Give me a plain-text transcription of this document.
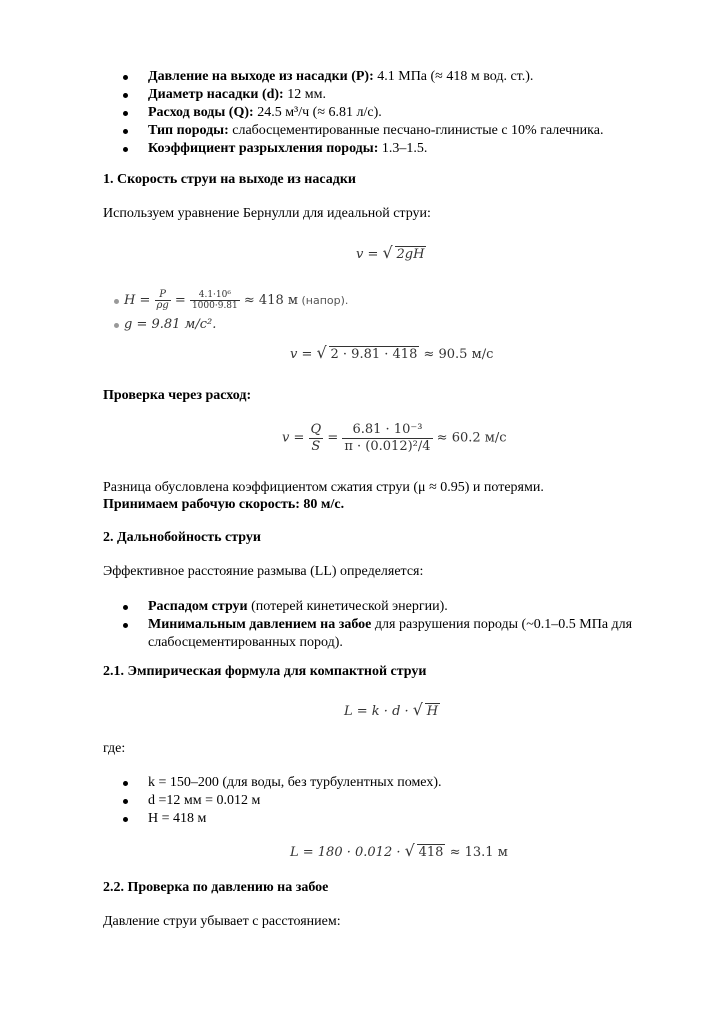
Давление на выходе из насадки (P): 4.1 МПа (≈ 418 м вод. ст.).
Диаметр насадки (d): 12 мм.
Расход воды (Q): 24.5 м³/ч (≈ 6.81 л/с).
Тип породы: слабосцементированные песчано-глинистые с 10% галечника.
Коэффициент разрыхления породы: 1.3–1.5.
1. Скорость струи на выходе из насадки
Используем уравнение Бернулли для идеальной струи:
v = √ 2gH
$H = \frac{P}{\rho g} = \frac{\text{4.1·10⁶}}{1000\cdot 9.81} \approx 418$ м (напор).
g = 9.81 м/с².
v = √ 2 · 9.81 · 418 ≈ 90.5 м/с
Проверка через расход:
$v = \frac{Q}{S} = \frac{\text{6.81 · 10⁻³}}{\text{π · (0.012)²/4}} \approx 60.2$ м/с
Разница обусловлена коэффициентом сжатия струи (μ ≈ 0.95) и потерями.
Принимаем рабочую скорость: 80 м/с.
2. Дальнобойность струи
Эффективное расстояние размыва (LL) определяется:
Распадом струи (потерей кинетической энергии).
Минимальным давлением на забое для разрушения породы (~0.1–0.5 МПа для
слабосцементированных пород).
2.1. Эмпирическая формула для компактной струи
L = k · d · √ H
где:
k = 150–200 (для воды, без турбулентных помех).
d =12 мм = 0.012 м
H = 418 м
L = 180 · 0.012 · √ 418 ≈ 13.1 м
2.2. Проверка по давлению на забое
Давление струи убывает с расстоянием:
